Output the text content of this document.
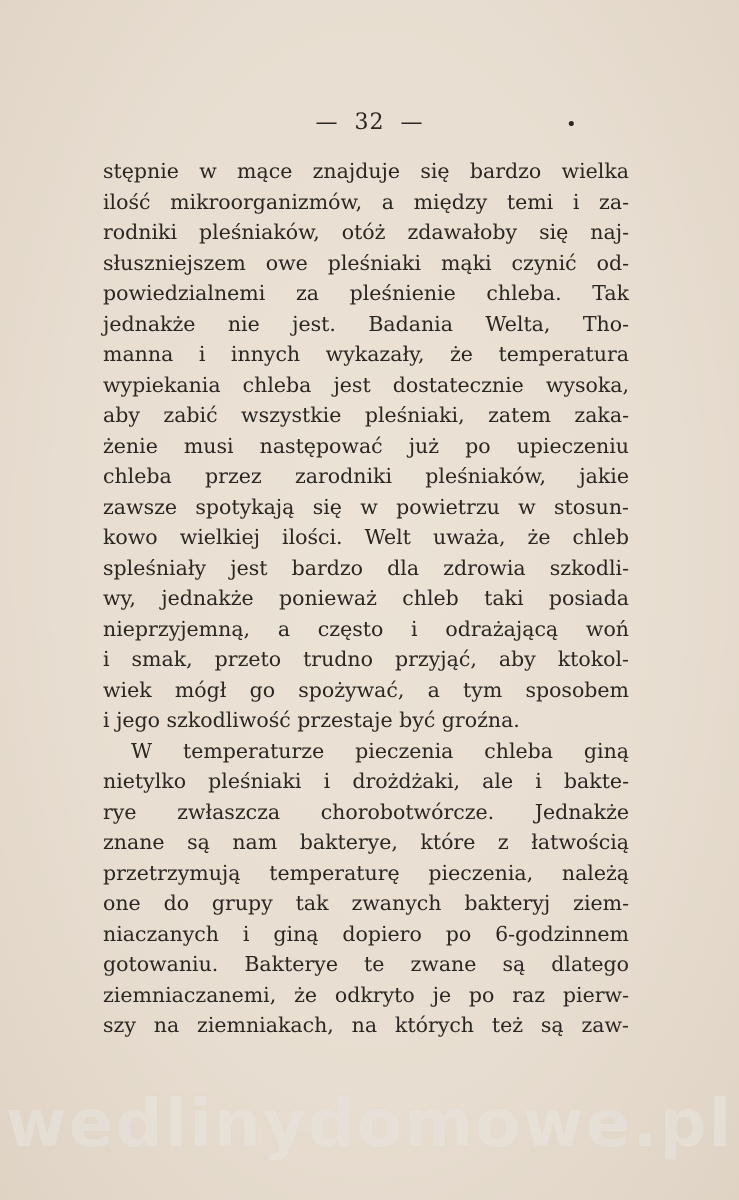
— 32 —	•
stępnie w mące znajduje się bardzo wielka
ilość mikroorganizmów, a między temi i za-
rodniki pleśniaków, otóż zdawałoby się naj-
słuszniejszem owe pleśniaki mąki czynić od-
powiedzialnemi za pleśnienie chleba. Tak
jednakże nie jest. Badania Welta, Tho-
manna i innych wykazały, że temperatura
wypiekania chleba jest dostatecznie wysoka,
aby zabić wszystkie pleśniaki, zatem zaka-
żenie musi następować już po upieczeniu
chleba przez zarodniki pleśniaków, jakie
zawsze spotykają się w powietrzu w stosun-
kowo wielkiej ilości. Welt uważa, że chleb
spleśniały jest bardzo dla zdrowia szkodli-
wy, jednakże ponieważ chleb taki posiada
nieprzyjemną, a często i odrażającą woń
i smak, przeto trudno przyjąć, aby ktokol-
wiek mógł go spożywać, a tym sposobem
i jego szkodliwość przestaje być groźna.
W temperaturze pieczenia chleba giną
nietylko pleśniaki i drożdżaki, ale i bakte-
rye zwłaszcza chorobotwórcze. Jednakże
znane są nam bakterye, które z łatwością
przetrzymują temperaturę pieczenia, należą
one do grupy tak zwanych bakteryj ziem-
niaczanych i giną dopiero po 6-godzinnem
gotowaniu. Bakterye te zwane są dlatego
ziemniaczanemi, że odkryto je po raz pierw-
szy na ziemniakach, na których też są zaw-
wedlinydomowe.pl
